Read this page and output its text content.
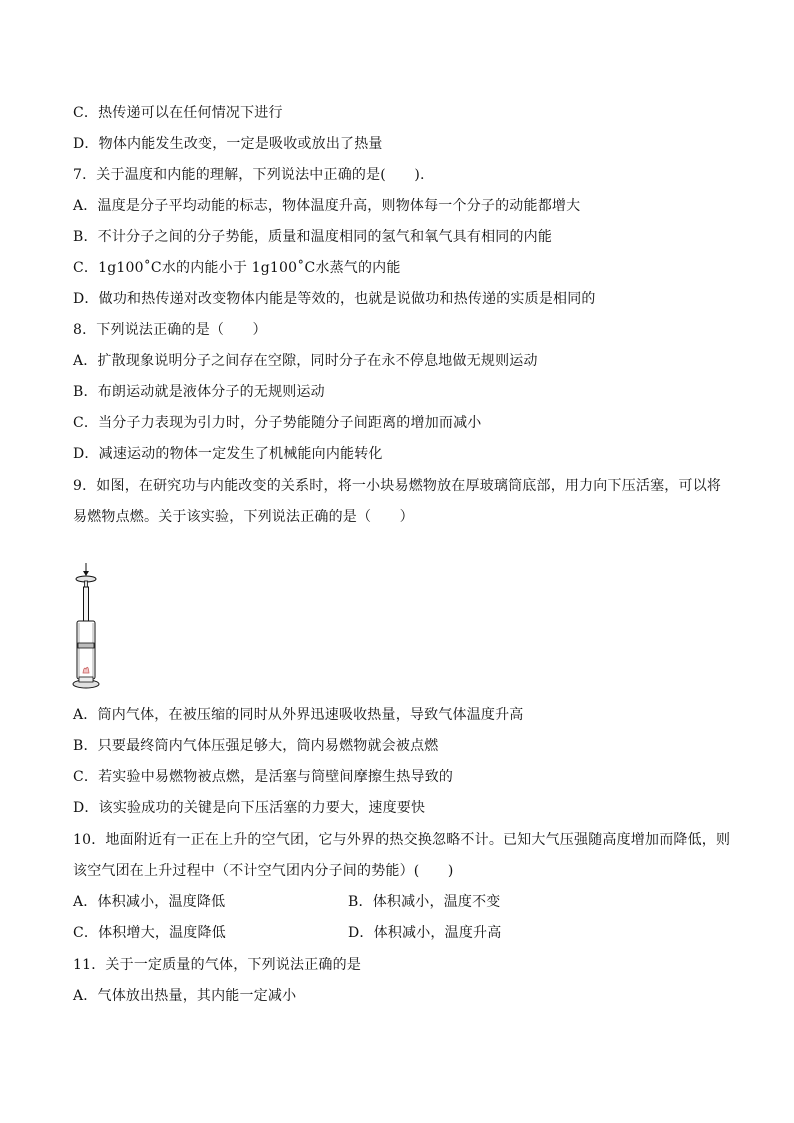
C．热传递可以在任何情况下进行
D．物体内能发生改变，一定是吸收或放出了热量
7．关于温度和内能的理解，下列说法中正确的是(　　).
A．温度是分子平均动能的标志，物体温度升高，则物体每一个分子的动能都增大
B．不计分子之间的分子势能，质量和温度相同的氢气和氧气具有相同的内能
C．1g100˚C水的内能小于 1g100˚C水蒸气的内能
D．做功和热传递对改变物体内能是等效的，也就是说做功和热传递的实质是相同的
8．下列说法正确的是（　　）
A．扩散现象说明分子之间存在空隙，同时分子在永不停息地做无规则运动
B．布朗运动就是液体分子的无规则运动
C．当分子力表现为引力时，分子势能随分子间距离的增加而减小
D．减速运动的物体一定发生了机械能向内能转化
9．如图，在研究功与内能改变的关系时，将一小块易燃物放在厚玻璃筒底部，用力向下压活塞，可以将
易燃物点燃。关于该实验，下列说法正确的是（　　）
A．筒内气体，在被压缩的同时从外界迅速吸收热量，导致气体温度升高
B．只要最终筒内气体压强足够大，筒内易燃物就会被点燃
C．若实验中易燃物被点燃，是活塞与筒壁间摩擦生热导致的
D．该实验成功的关键是向下压活塞的力要大，速度要快
10．地面附近有一正在上升的空气团，它与外界的热交换忽略不计。已知大气压强随高度增加而降低，则
该空气团在上升过程中（不计空气团内分子间的势能）(　　)
A．体积减小，温度降低	B．体积减小，温度不变
C．体积增大，温度降低	D．体积减小，温度升高
11．关于一定质量的气体，下列说法正确的是
A．气体放出热量，其内能一定减小
